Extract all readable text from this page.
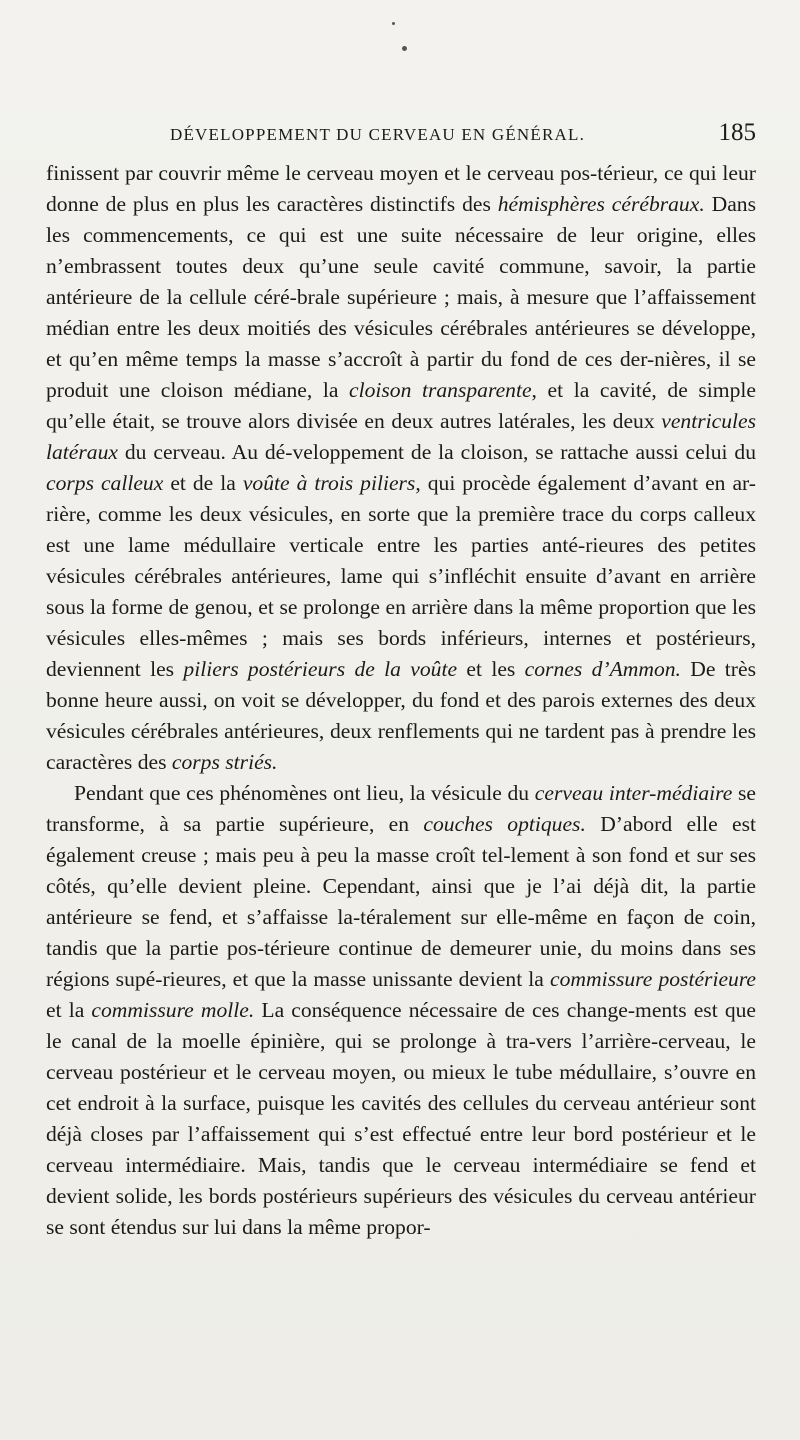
DÉVELOPPEMENT DU CERVEAU EN GÉNÉRAL.	185

finissent par couvrir même le cerveau moyen et le cerveau pos-térieur, ce qui leur donne de plus en plus les caractères distinctifs des hémisphères cérébraux. Dans les commencements, ce qui est une suite nécessaire de leur origine, elles n’embrassent toutes deux qu’une seule cavité commune, savoir, la partie antérieure de la cellule céré-brale supérieure ; mais, à mesure que l’affaissement médian entre les deux moitiés des vésicules cérébrales antérieures se développe, et qu’en même temps la masse s’accroît à partir du fond de ces der-nières, il se produit une cloison médiane, la cloison transparente, et la cavité, de simple qu’elle était, se trouve alors divisée en deux autres latérales, les deux ventricules latéraux du cerveau. Au dé-veloppement de la cloison, se rattache aussi celui du corps calleux et de la voûte à trois piliers, qui procède également d’avant en ar-rière, comme les deux vésicules, en sorte que la première trace du corps calleux est une lame médullaire verticale entre les parties anté-rieures des petites vésicules cérébrales antérieures, lame qui s’infléchit ensuite d’avant en arrière sous la forme de genou, et se prolonge en arrière dans la même proportion que les vésicules elles-mêmes ; mais ses bords inférieurs, internes et postérieurs, deviennent les piliers postérieurs de la voûte et les cornes d’Ammon. De très bonne heure aussi, on voit se développer, du fond et des parois externes des deux vésicules cérébrales antérieures, deux renflements qui ne tardent pas à prendre les caractères des corps striés.

Pendant que ces phénomènes ont lieu, la vésicule du cerveau inter-médiaire se transforme, à sa partie supérieure, en couches optiques. D’abord elle est également creuse ; mais peu à peu la masse croît tel-lement à son fond et sur ses côtés, qu’elle devient pleine. Cependant, ainsi que je l’ai déjà dit, la partie antérieure se fend, et s’affaisse la-téralement sur elle-même en façon de coin, tandis que la partie pos-térieure continue de demeurer unie, du moins dans ses régions supé-rieures, et que la masse unissante devient la commissure postérieure et la commissure molle. La conséquence nécessaire de ces change-ments est que le canal de la moelle épinière, qui se prolonge à tra-vers l’arrière-cerveau, le cerveau postérieur et le cerveau moyen, ou mieux le tube médullaire, s’ouvre en cet endroit à la surface, puisque les cavités des cellules du cerveau antérieur sont déjà closes par l’affaissement qui s’est effectué entre leur bord postérieur et le cerveau intermédiaire. Mais, tandis que le cerveau intermédiaire se fend et devient solide, les bords postérieurs supérieurs des vésicules du cerveau antérieur se sont étendus sur lui dans la même propor-
